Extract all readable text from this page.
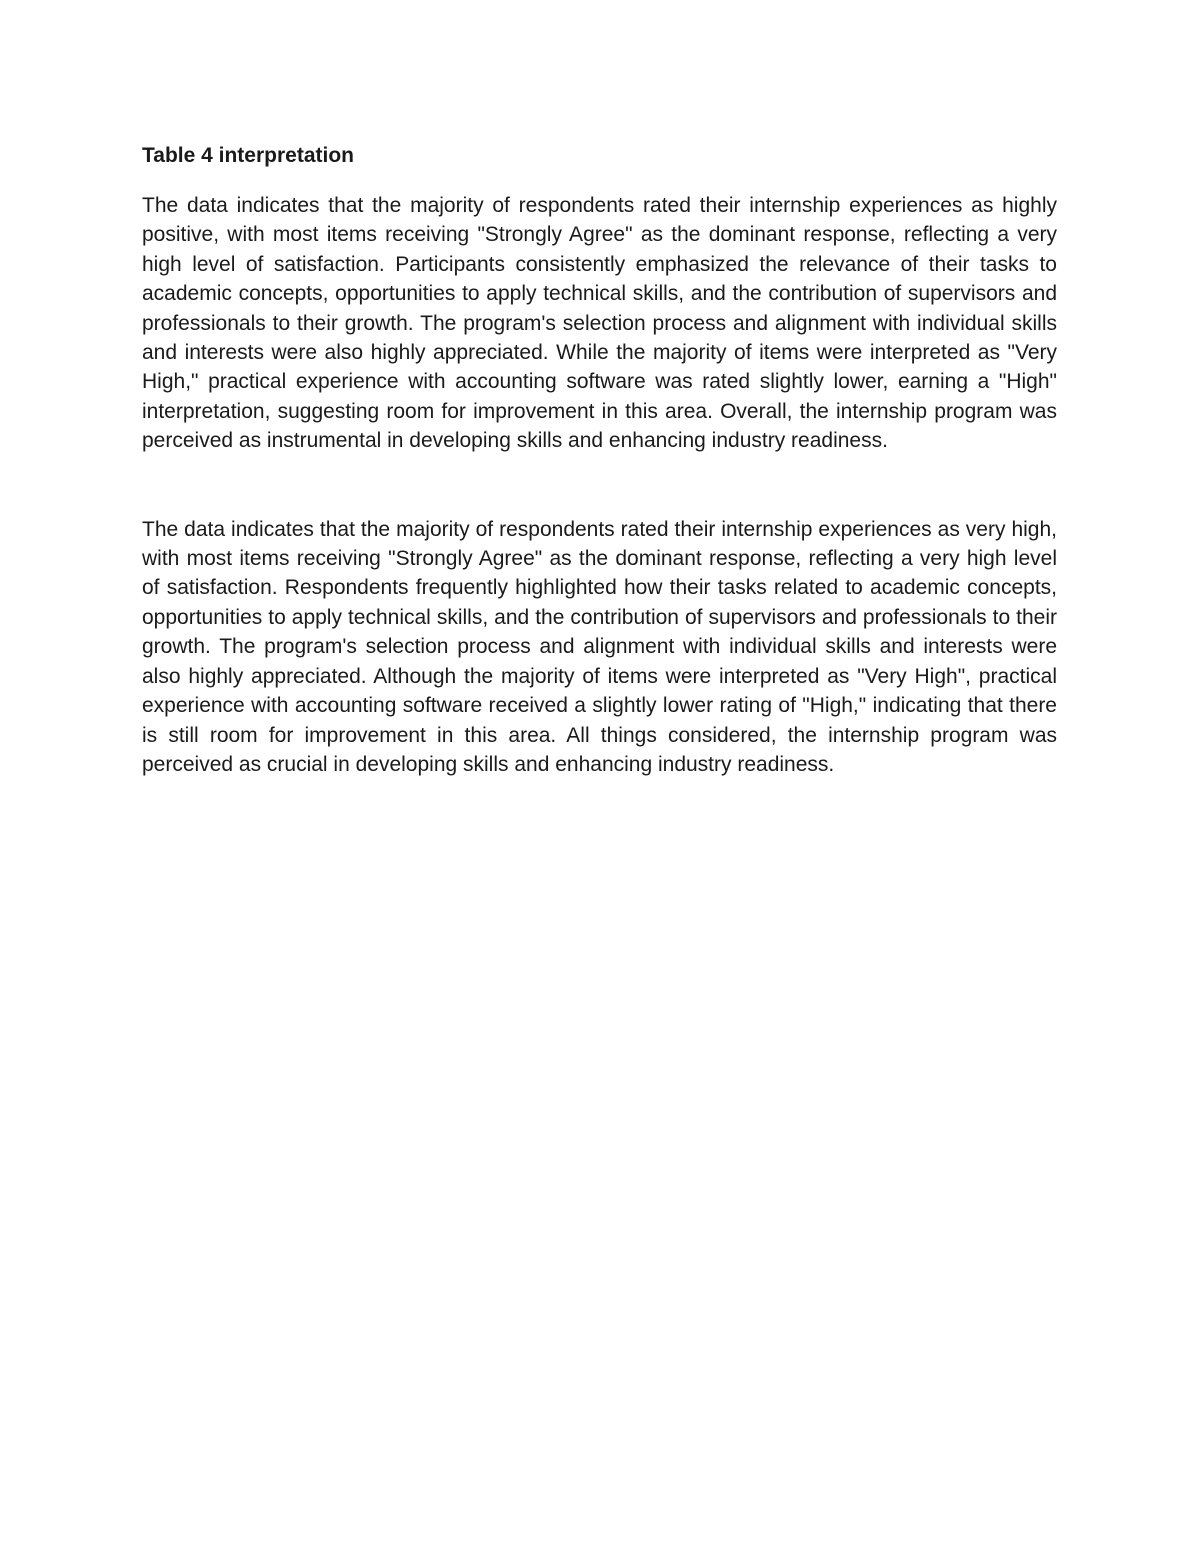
Table 4 interpretation

The data indicates that the majority of respondents rated their internship experiences as highly positive, with most items receiving "Strongly Agree" as the dominant response, reflecting a very high level of satisfaction. Participants consistently emphasized the relevance of their tasks to academic concepts, opportunities to apply technical skills, and the contribution of supervisors and professionals to their growth. The program's selection process and alignment with individual skills and interests were also highly appreciated. While the majority of items were interpreted as "Very High," practical experience with accounting software was rated slightly lower, earning a "High" interpretation, suggesting room for improvement in this area. Overall, the internship program was perceived as instrumental in developing skills and enhancing industry readiness.

The data indicates that the majority of respondents rated their internship experiences as very high, with most items receiving "Strongly Agree" as the dominant response, reflecting a very high level of satisfaction. Respondents frequently highlighted how their tasks related to academic concepts, opportunities to apply technical skills, and the contribution of supervisors and professionals to their growth. The program's selection process and alignment with individual skills and interests were also highly appreciated. Although the majority of items were interpreted as "Very High", practical experience with accounting software received a slightly lower rating of "High," indicating that there is still room for improvement in this area. All things considered, the internship program was perceived as crucial in developing skills and enhancing industry readiness.
